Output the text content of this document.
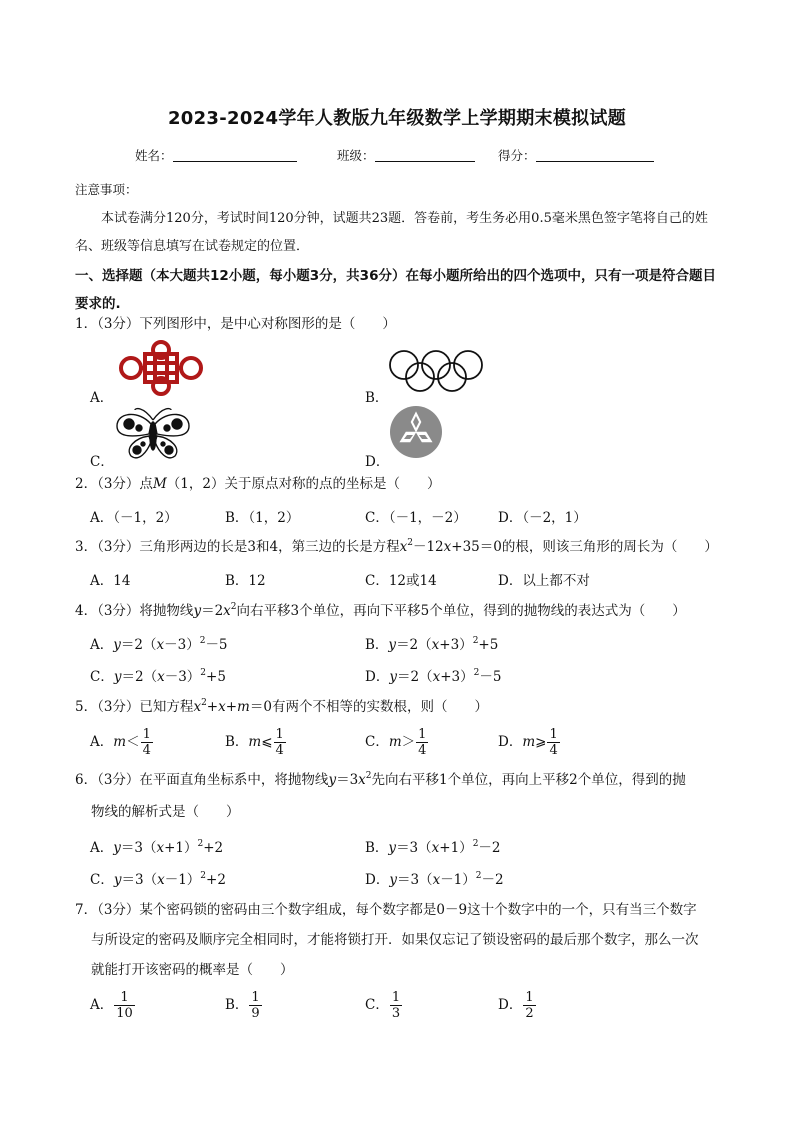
2023-2024学年人教版九年级数学上学期期末模拟试题
姓名：	班级：	得分：
注意事项：
本试卷满分120分，考试时间120分钟，试题共23题．答卷前，考生务必用0.5毫米黑色签字笔将自己的姓名、班级等信息填写在试卷规定的位置．
一、选择题（本大题共12小题，每小题3分，共36分）在每小题所给出的四个选项中，只有一项是符合题目要求的.
1．（3分）下列图形中，是中心对称图形的是（　　）
A．	B．
C．	D．
2．（3分）点M（1，2）关于原点对称的点的坐标是（　　）
A．（－1，2）	B．（1，2）	C．（－1，－2） D．（－2，1）
3．（3分）三角形两边的长是3和4，第三边的长是方程$x^2-12x+35=0$的根，则该三角形的周长为（　　）
A．14	B．12	C．12或14	D．以上都不对
4．（3分）将抛物线$y=2x^2$向右平移3个单位，再向下平移5个单位，得到的抛物线的表达式为（　　）
A．$y=2(x-3)^2-5$	B．$y=2(x+3)^2+5$
C．$y=2(x-3)^2+5$	D．$y=2(x+3)^2-5$
5．（3分）已知方程$x^2+x+m=0$有两个不相等的实数根，则（　　）
A．$m< \frac{1}{4}$	B．m⩽ $\frac{1}{4}$	C．$m> \frac{1}{4}$	D．m⩾ $\frac{1}{4}$
6．（3分）在平面直角坐标系中，将抛物线$y=3x^2$先向右平移1个单位，再向上平移2个单位，得到的抛
物线的解析式是（　　）
A．$y=3(x+1)^2+2$	B．$y=3(x+1)^2-2$
C．$y=3(x-1)^2+2$	D．$y=3(x-1)^2-2$
7．（3分）某个密码锁的密码由三个数字组成，每个数字都是0－9这十个数字中的一个，只有当三个数字
与所设定的密码及顺序完全相同时，才能将锁打开．如果仅忘记了锁设密码的最后那个数字，那么一次
就能打开该密码的概率是（　　）
A． $\frac{1}{10}$	B． $\frac{1}{9}$	C． $\frac{1}{3}$	D． $\frac{1}{2}$
